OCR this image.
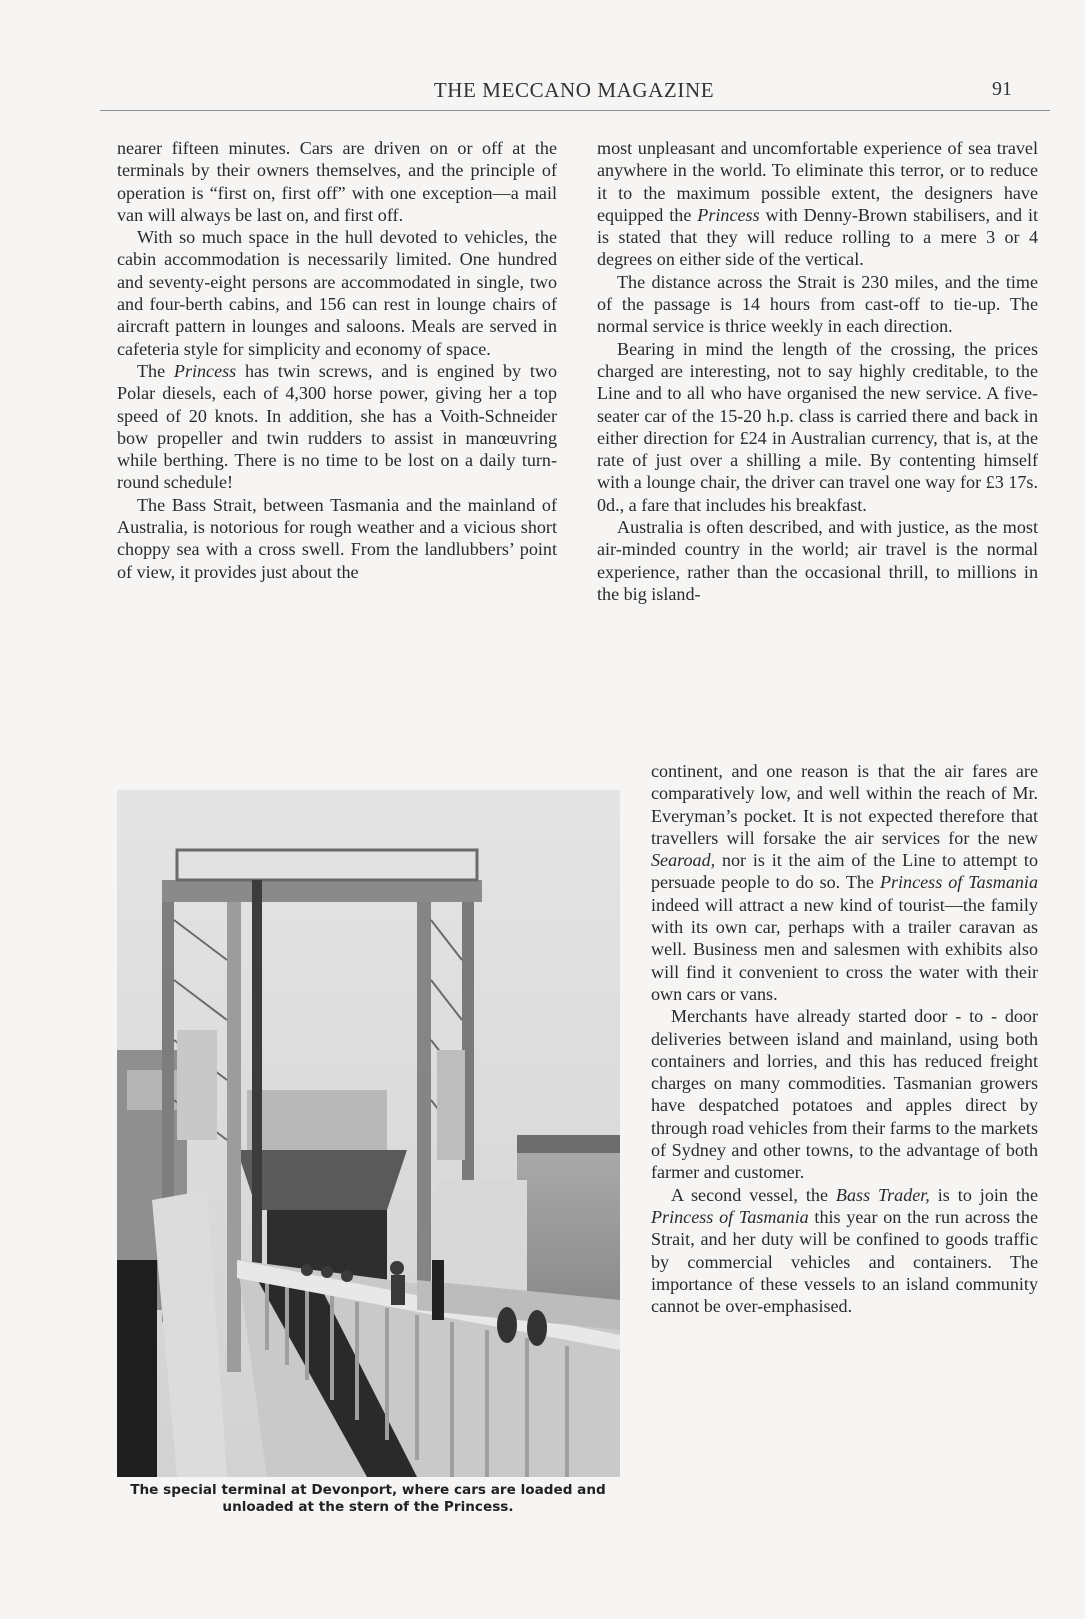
THE MECCANO MAGAZINE	91

nearer fifteen minutes. Cars are driven on or off at the terminals by their owners themselves, and the principle of operation is “first on, first off” with one exception—a mail van will always be last on, and first off.

With so much space in the hull devoted to vehicles, the cabin accommodation is necessarily limited. One hundred and seventy-eight persons are accommodated in single, two and four-berth cabins, and 156 can rest in lounge chairs of aircraft pattern in lounges and saloons. Meals are served in cafeteria style for simplicity and economy of space.

The Princess has twin screws, and is engined by two Polar diesels, each of 4,300 horse power, giving her a top speed of 20 knots. In addition, she has a Voith-Schneider bow propeller and twin rudders to assist in manœuvring while berthing. There is no time to be lost on a daily turn-round schedule!

The Bass Strait, between Tasmania and the mainland of Australia, is notorious for rough weather and a vicious short choppy sea with a cross swell. From the landlubbers’ point of view, it provides just about the

most unpleasant and uncomfortable experience of sea travel anywhere in the world. To eliminate this terror, or to reduce it to the maximum possible extent, the designers have equipped the Princess with Denny-Brown stabilisers, and it is stated that they will reduce rolling to a mere 3 or 4 degrees on either side of the vertical.

The distance across the Strait is 230 miles, and the time of the passage is 14 hours from cast-off to tie-up. The normal service is thrice weekly in each direction.

Bearing in mind the length of the crossing, the prices charged are interesting, not to say highly creditable, to the Line and to all who have organised the new service. A five-seater car of the 15-20 h.p. class is carried there and back in either direction for £24 in Australian currency, that is, at the rate of just over a shilling a mile. By contenting himself with a lounge chair, the driver can travel one way for £3 17s. 0d., a fare that includes his breakfast.

Australia is often described, and with justice, as the most air-minded country in the world; air travel is the normal experience, rather than the occasional thrill, to millions in the big island-

continent, and one reason is that the air fares are comparatively low, and well within the reach of Mr. Everyman’s pocket. It is not expected therefore that travellers will forsake the air services for the new Searoad, nor is it the aim of the Line to attempt to persuade people to do so. The Princess of Tasmania indeed will attract a new kind of tourist—the family with its own car, perhaps with a trailer caravan as well. Business men and salesmen with exhibits also will find it convenient to cross the water with their own cars or vans.

Merchants have already started door - to - door deliveries between island and mainland, using both containers and lorries, and this has reduced freight charges on many commodities. Tasmanian growers have despatched potatoes and apples direct by through road vehicles from their farms to the markets of Sydney and other towns, to the advantage of both farmer and customer.

A second vessel, the Bass Trader, is to join the Princess of Tasmania this year on the run across the Strait, and her duty will be confined to goods traffic by commercial vehicles and containers. The importance of these vessels to an island community cannot be over-emphasised.

The special terminal at Devonport, where cars are loaded and unloaded at the stern of the Princess.
